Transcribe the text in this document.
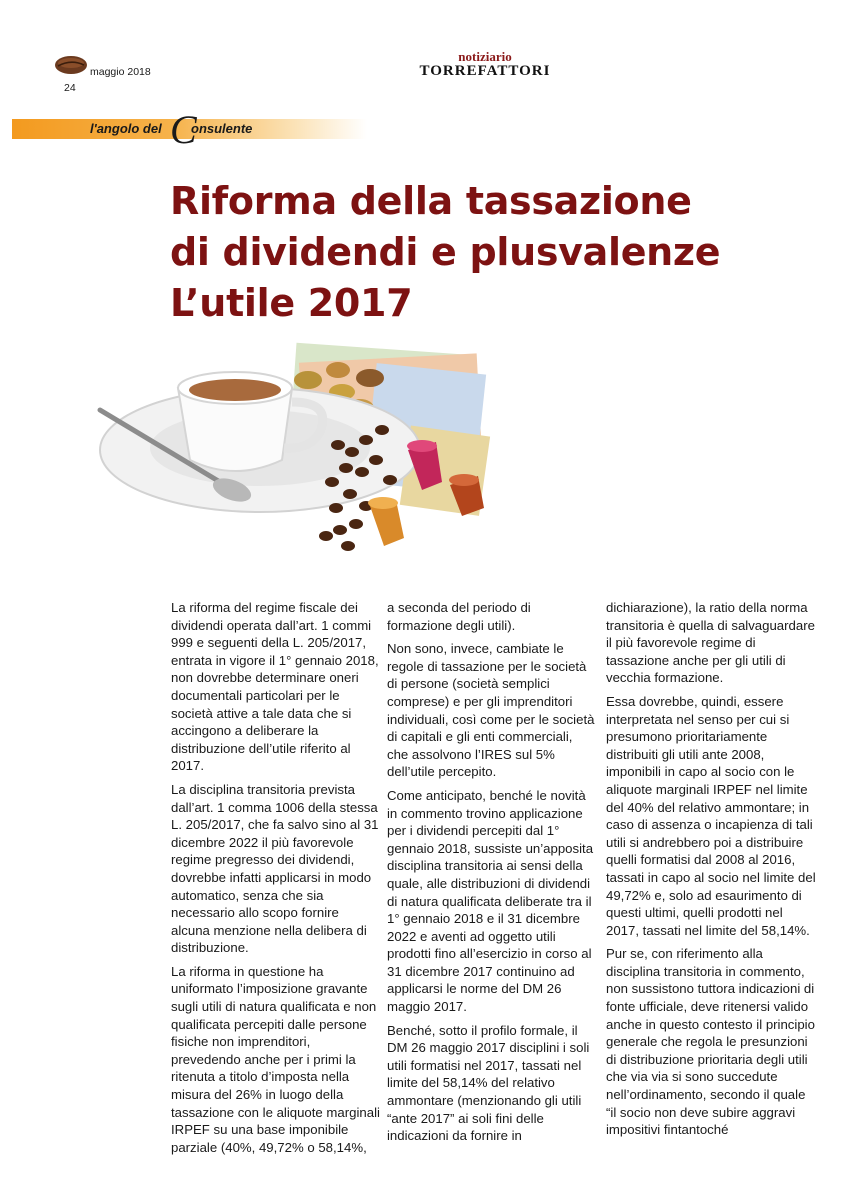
maggio 2018
24
notiziario
TORREFATTORI
l'angolo del C
onsulente
Riforma della tassazione
di dividendi e plusvalenze
L’utile 2017

La riforma del regime fiscale dei dividendi operata dall’art. 1 commi 999 e seguenti della L. 205/2017, entrata in vigore il 1° gennaio 2018, non dovrebbe determinare oneri documentali particolari per le società attive a tale data che si accingono a deliberare la distribuzione dell’utile riferito al 2017.

La disciplina transitoria prevista dall’art. 1 comma 1006 della stessa L. 205/2017, che fa salvo sino al 31 dicembre 2022 il più favorevole regime pregresso dei dividendi, dovrebbe infatti applicarsi in modo automatico, senza che sia necessario allo scopo fornire alcuna menzione nella delibera di distribuzione.

La riforma in questione ha uniformato l’imposizione gravante sugli utili di natura qualificata e non qualificata percepiti dalle persone fisiche non imprenditori, prevedendo anche per i primi la ritenuta a titolo d’imposta nella misura del 26% in luogo della tassazione con le aliquote marginali IRPEF su una base imponibile parziale (40%, 49,72% o 58,14%,

a seconda del periodo di formazione degli utili).

Non sono, invece, cambiate le regole di tassazione per le società di persone (società semplici comprese) e per gli imprenditori individuali, così come per le società di capitali e gli enti commerciali, che assolvono l’IRES sul 5% dell’utile percepito.

Come anticipato, benché le novità in commento trovino applicazione per i dividendi percepiti dal 1° gennaio 2018, sussiste un’apposita disciplina transitoria ai sensi della quale, alle distribuzioni di dividendi di natura qualificata deliberate tra il 1° gennaio 2018 e il 31 dicembre 2022 e aventi ad oggetto utili prodotti fino all’esercizio in corso al 31 dicembre 2017 continuino ad applicarsi le norme del DM 26 maggio 2017.

Benché, sotto il profilo formale, il DM 26 maggio 2017 disciplini i soli utili formatisi nel 2017, tassati nel limite del 58,14% del relativo ammontare (menzionando gli utili “ante 2017” ai soli fini delle indicazioni da fornire in

dichiarazione), la ratio della norma transitoria è quella di salvaguardare il più favorevole regime di tassazione anche per gli utili di vecchia formazione.

Essa dovrebbe, quindi, essere interpretata nel senso per cui si presumono prioritariamente distribuiti gli utili ante 2008, imponibili in capo al socio con le aliquote marginali IRPEF nel limite del 40% del relativo ammontare; in caso di assenza o incapienza di tali utili si andrebbero poi a distribuire quelli formatisi dal 2008 al 2016, tassati in capo al socio nel limite del 49,72% e, solo ad esaurimento di questi ultimi, quelli prodotti nel 2017, tassati nel limite del 58,14%.

Pur se, con riferimento alla disciplina transitoria in commento, non sussistono tuttora indicazioni di fonte ufficiale, deve ritenersi valido anche in questo contesto il principio generale che regola le presunzioni di distribuzione prioritaria degli utili che via via si sono succedute nell’ordinamento, secondo il quale “il socio non deve subire aggravi impositivi fintantoché
